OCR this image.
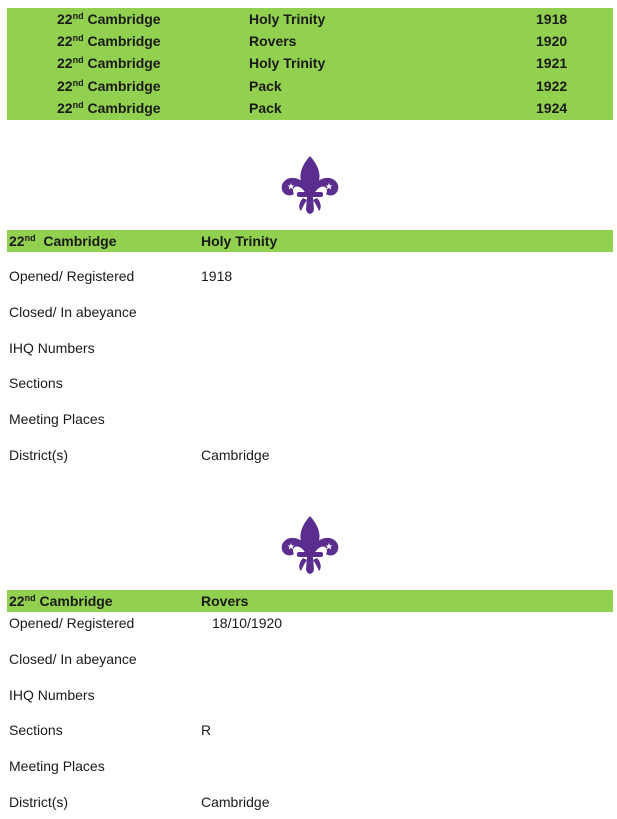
22nd Cambridge	Holy Trinity	1918
22nd Cambridge	Rovers	1920
22nd Cambridge	Holy Trinity	1921
22nd Cambridge	Pack	1922
22nd Cambridge	Pack	1924
22nd Cambridge	Holy Trinity
Opened/ Registered	1918
Closed/ In abeyance
IHQ Numbers
Sections
Meeting Places
District(s)	Cambridge
22nd Cambridge	Rovers
Opened/ Registered	18/10/1920
Closed/ In abeyance
IHQ Numbers
Sections	R
Meeting Places
District(s)	Cambridge
